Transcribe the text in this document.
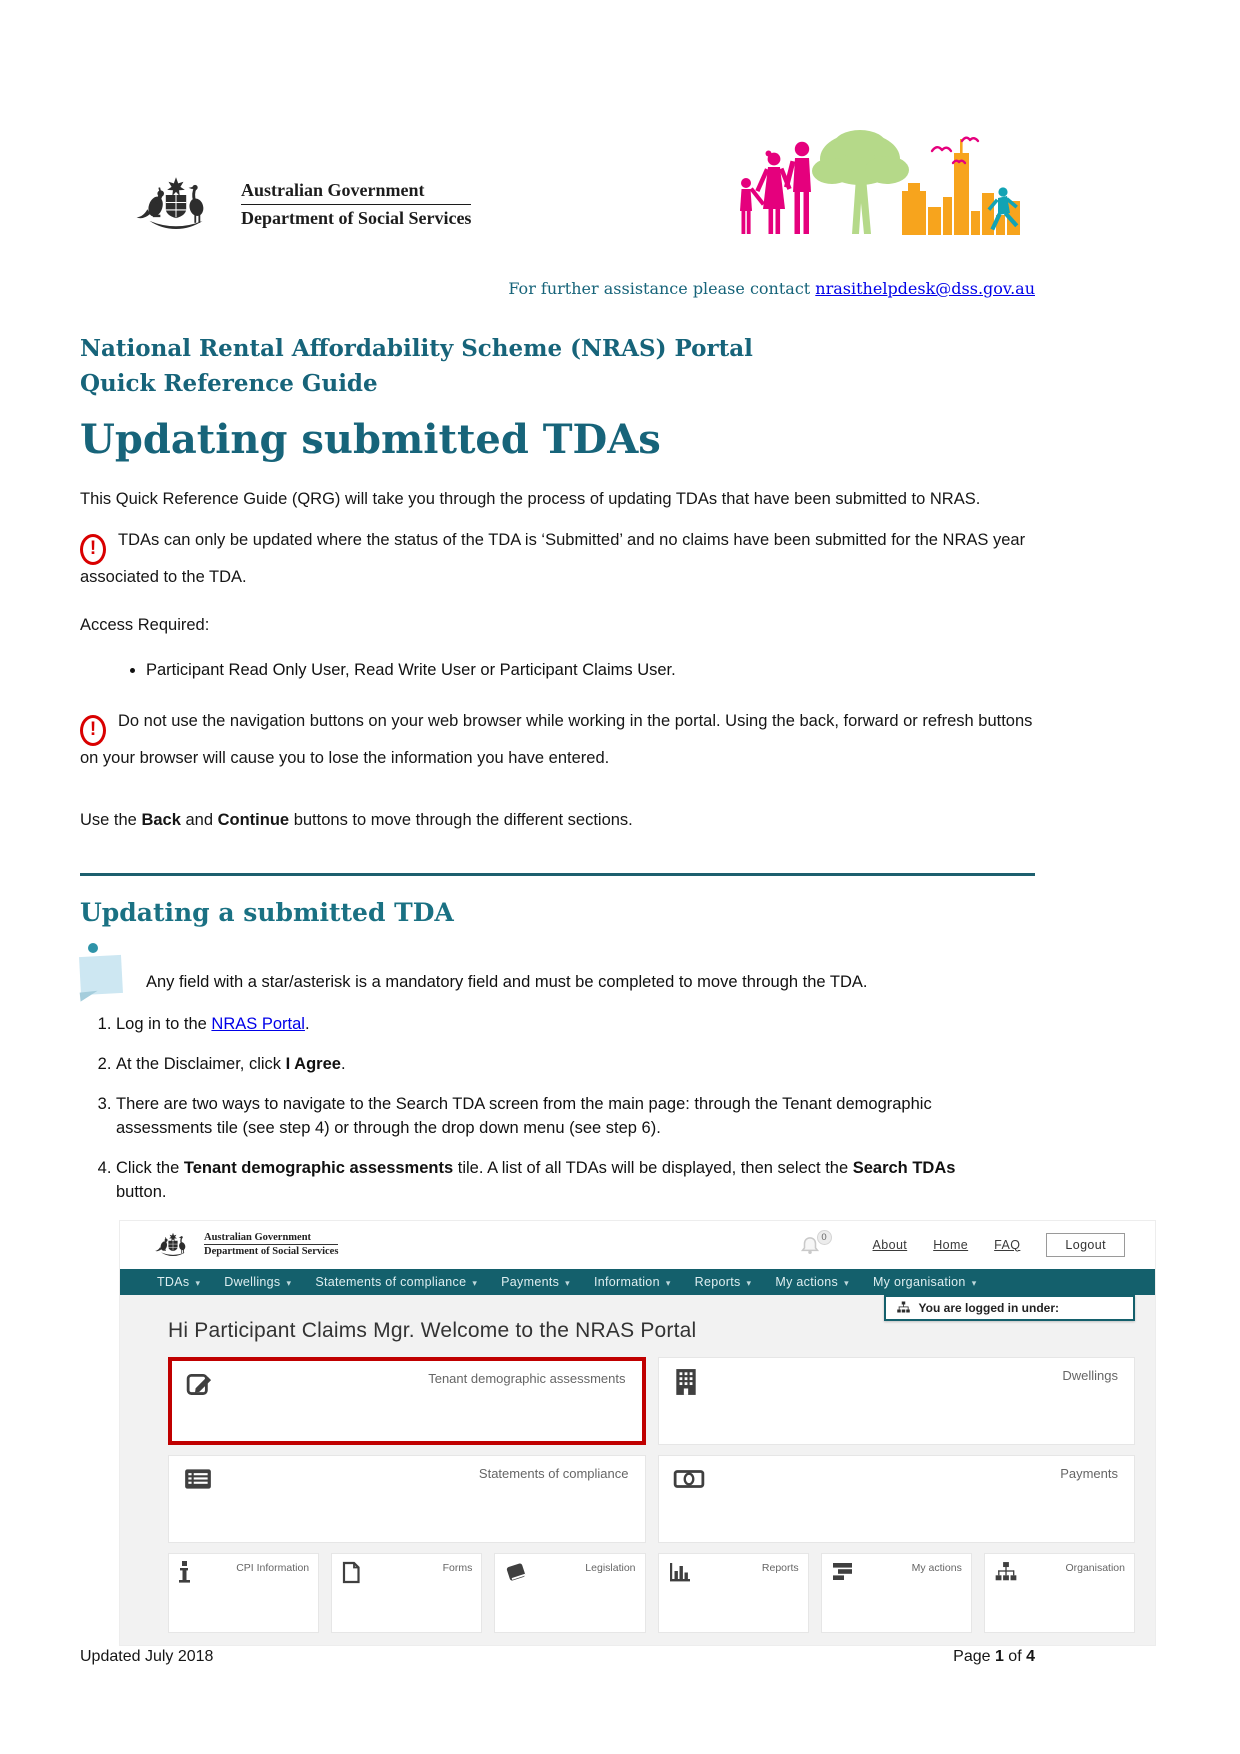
Australian Government
Department of Social Services
For further assistance please contact nrasithelpdesk@dss.gov.au
National Rental Affordability Scheme (NRAS) Portal
Quick Reference Guide
Updating submitted TDAs

This Quick Reference Guide (QRG) will take you through the process of updating TDAs that have been submitted to NRAS.

! TDAs can only be updated where the status of the TDA is ‘Submitted’ and no claims have been submitted for the NRAS year associated to the TDA.

Access Required:

• Participant Read Only User, Read Write User or Participant Claims User.

! Do not use the navigation buttons on your web browser while working in the portal. Using the back, forward or refresh buttons on your browser will cause you to lose the information you have entered.

Use the Back and Continue buttons to move through the different sections.

Updating a submitted TDA
Any field with a star/asterisk is a mandatory field and must be completed to move through the TDA.
1. Log in to the NRAS Portal.
2. At the Disclaimer, click I Agree.
3. There are two ways to navigate to the Search TDA screen from the main page: through the Tenant demographic assessments tile (see step 4) or through the drop down menu (see step 6).
4. Click the Tenant demographic assessments tile. A list of all TDAs will be displayed, then select the Search TDAs button.
Australian Government
Department of Social Services
0
About Home FAQ	Logout
TDAs ▾ Dwellings ▾ Statements of compliance ▾ Payments ▾ Information ▾ Reports ▾ My actions ▾ My organisation ▾
You are logged in under:
Hi Participant Claims Mgr. Welcome to the NRAS Portal
Tenant demographic assessments	Dwellings
Statements of compliance	Payments
CPI Information	Forms	Legislation	Reports	My actions	Organisation
Updated July 2018	Page 1 of 4
